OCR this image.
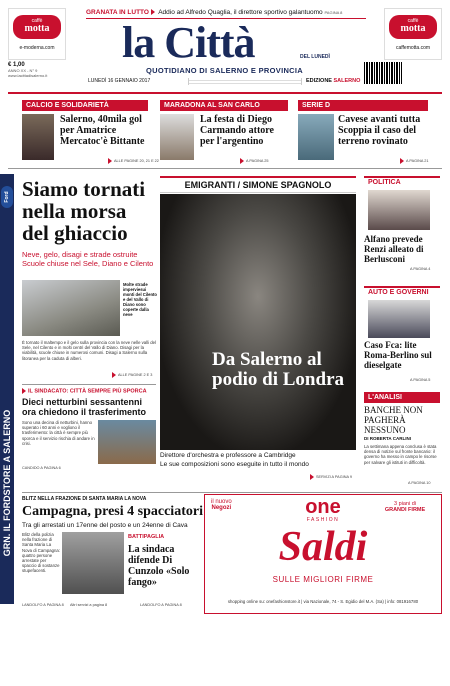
caffè
motta
e-moderna.com
€ 1,00
ANNO XX - N° 9
www.lacittadisalerno.it
GRANATA IN LUTTO Addio ad Alfredo Quaglia, il direttore sportivo galantuomo PAGINA 8
la Città	DEL LUNEDÌ
QUOTIDIANO DI SALERNO E PROVINCIA
LUNEDÌ 16 GENNAIO 2017	EDIZIONE SALERNO
caffè
motta
caffemotta.com
CALCIO E SOLIDARIETÀ
Salerno, 40mila gol per Amatrice Mercatoc'è Bittante
ALLE PAGINE 20, 21 E 22
MARADONA AL SAN CARLO
La festa di Diego Carmando attore per l'argentino
A PAGINA 25
SERIE D
Cavese avanti tutta Scoppia il caso del terreno rovinato
A PAGINA 21
Ford
GRN. IL FORDSTORE A SALERNO
Siamo tornati nella morsa del ghiaccio
Neve, gelo, disagi e strade ostruite Scuole chiuse nel Sele, Diano e Cilento
Molte strade imperviesui monti del Cilento e del Vallo di Diano sono coperte dalla neve
È tornato il maltempo e il gelo sulla provincia con la neve nelle valli del Sele, nel Cilento e in molti centri del Vallo di Diano. Disagi per la viabilità, scuole chiuse in numerosi comuni. Disagi a Salerno sulla litoranea per la caduta di alberi.
ALLE PAGINE 2 E 3
IL SINDACATO: CITTÀ SEMPRE PIÙ SPORCA
Dieci netturbini sessantenni ora chiedono il trasferimento
Sono una decina di netturbini, hanno superato i 60 anni e vogliono il trasferimento: la città è sempre più sporca e il servizio rischia di andare in crisi.
CANDIDO A PAGINA 6
EMIGRANTI / SIMONE SPAGNOLO
Da Salerno al podio di Londra
Direttore d'orchestra e professore a Cambridge
Le sue composizioni sono eseguite in tutto il mondo
SERVIZI A PAGINA 9
POLITICA
Alfano prevede Renzi alleato di Berlusconi
A PAGINA 4
AUTO E GOVERNI
Caso Fca: lite Roma-Berlino sul dieselgate
A PAGINA 5
L'ANALISI
BANCHE NON PAGHERÀ NESSUNO
DI ROBERTA CARLINI
La settimana appena conclusa è stata densa di notizie sul fronte bancario: il governo ha messo in campo le risorse per salvare gli istituti in difficoltà.
A PAGINA 10
BLITZ NELLA FRAZIONE DI SANTA MARIA LA NOVA
Campagna, presi 4 spacciatori
Tra gli arrestati un 17enne del posto e un 24enne di Cava
Blitz della polizia nella frazione di Santa Maria La Nova di Campagna: quattro persone arrestate per spaccio di sostanze stupefacenti.
LANDOLFO A PAGINA 8 Altri servizi a pagina 8
BATTIPAGLIA
La sindaca difende Di Cunzolo «Solo fango»
LANDOLFO A PAGINA 8
il nuovo
Negozi	one
FASHION
3 piani di
GRANDI FIRME
Saldi
SULLE MIGLIORI FIRME
shopping online su: onefashionstore.it | via Nazionale, 74 - S. Egidio del M.A. (Sa) | info: 081916780
